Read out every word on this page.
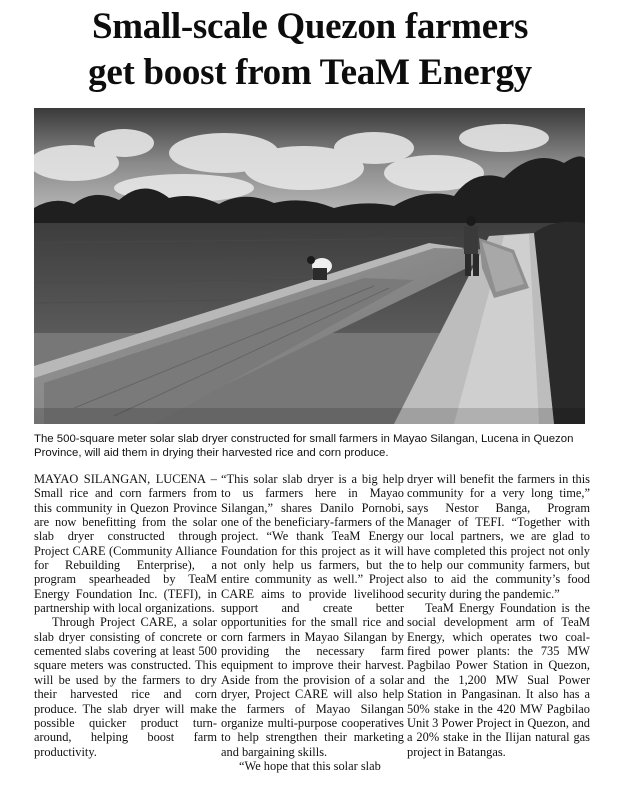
Small-scale Quezon farmers
get boost from TeaM Energy

The 500-square meter solar slab dryer constructed for small farmers in Mayao Silangan, Lucena in Quezon Province, will aid them in drying their harvested rice and corn produce.

MAYAO SILANGAN, LUCENA – Small rice and corn farmers from this community in Quezon Province are now benefitting from the solar slab dryer constructed through Project CARE (Community Alliance for Rebuilding Enterprise), a program spearheaded by TeaM Energy Foundation Inc. (TEFI), in partnership with local organizations.

Through Project CARE, a solar slab dryer consisting of concrete or cemented slabs covering at least 500 square meters was constructed. This will be used by the farmers to dry their harvested rice and corn produce. The slab dryer will make possible quicker product turn-around, helping boost farm productivity.

“This solar slab dryer is a big help to us farmers here in Mayao Silangan,” shares Danilo Pornobi, one of the beneficiary-farmers of the project. “We thank TeaM Energy Foundation for this project as it will not only help us farmers, but the entire community as well.” Project CARE aims to provide livelihood support and create better opportunities for the small rice and corn farmers in Mayao Silangan by providing the necessary farm equipment to improve their harvest. Aside from the provision of a solar dryer, Project CARE will also help the farmers of Mayao Silangan organize multi-purpose cooperatives to help strengthen their marketing and bargaining skills.

“We hope that this solar slab

dryer will benefit the farmers in this community for a very long time,” says Nestor Banga, Program Manager of TEFI. “Together with our local partners, we are glad to have completed this project not only to help our community farmers, but also to aid the community’s food security during the pandemic.”

TeaM Energy Foundation is the social development arm of TeaM Energy, which operates two coal-fired power plants: the 735 MW Pagbilao Power Station in Quezon, and the 1,200 MW Sual Power Station in Pangasinan. It also has a 50% stake in the 420 MW Pagbilao Unit 3 Power Project in Quezon, and a 20% stake in the Ilijan natural gas project in Batangas.
